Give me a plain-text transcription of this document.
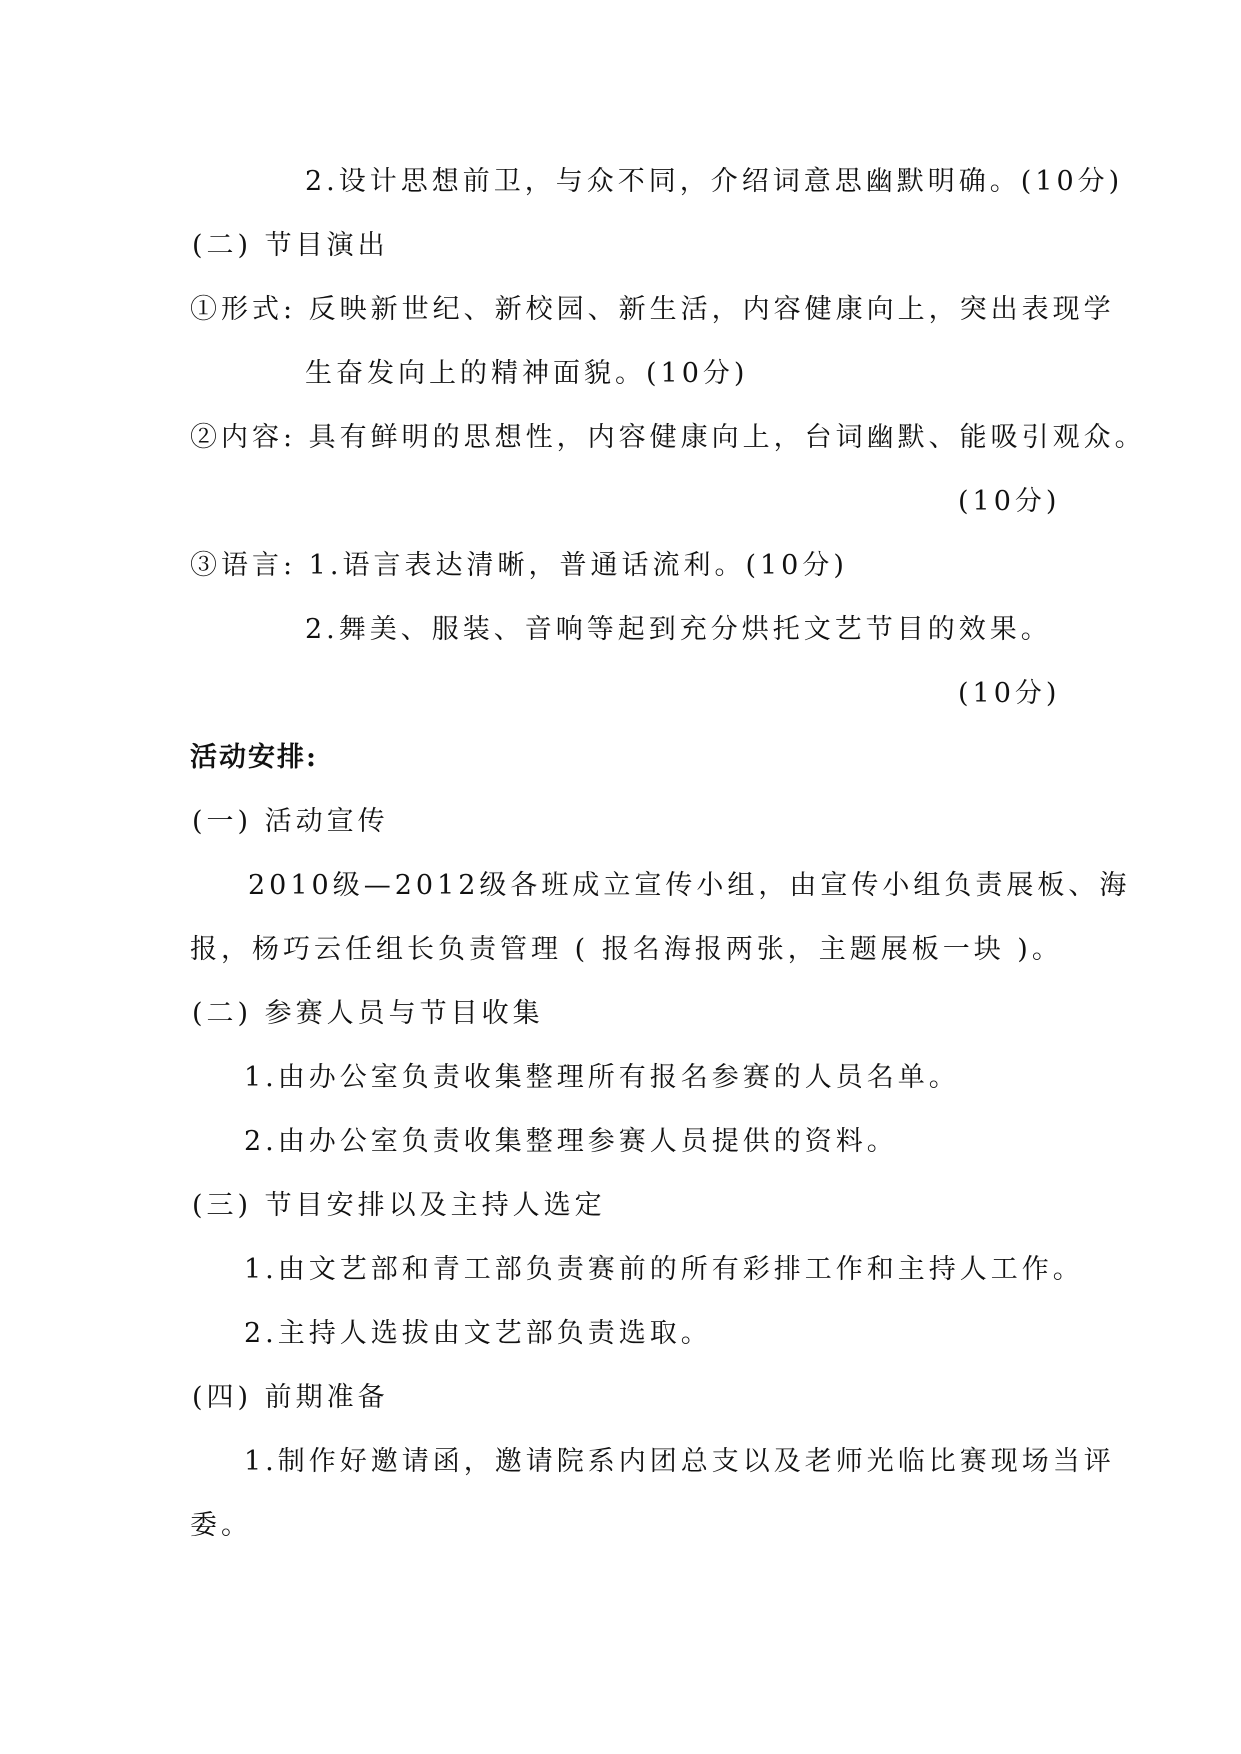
2.设计思想前卫，与众不同，介绍词意思幽默明确。(10分)
(二) 节目演出
①形式: 反映新世纪、新校园、新生活，内容健康向上，突出表现学
生奋发向上的精神面貌。(10分)
②内容: 具有鲜明的思想性，内容健康向上，台词幽默、能吸引观众。
(10分)
③语言: 1.语言表达清晰，普通话流利。(10分)
2.舞美、服装、音响等起到充分烘托文艺节目的效果。
(10分)
活动安排:
(一) 活动宣传
2010级—2012级各班成立宣传小组，由宣传小组负责展板、海
报，杨巧云任组长负责管理 ( 报名海报两张，主题展板一块 )。
(二) 参赛人员与节目收集
1.由办公室负责收集整理所有报名参赛的人员名单。
2.由办公室负责收集整理参赛人员提供的资料。
(三) 节目安排以及主持人选定
1.由文艺部和青工部负责赛前的所有彩排工作和主持人工作。
2.主持人选拔由文艺部负责选取。
(四) 前期准备
1.制作好邀请函，邀请院系内团总支以及老师光临比赛现场当评
委。
